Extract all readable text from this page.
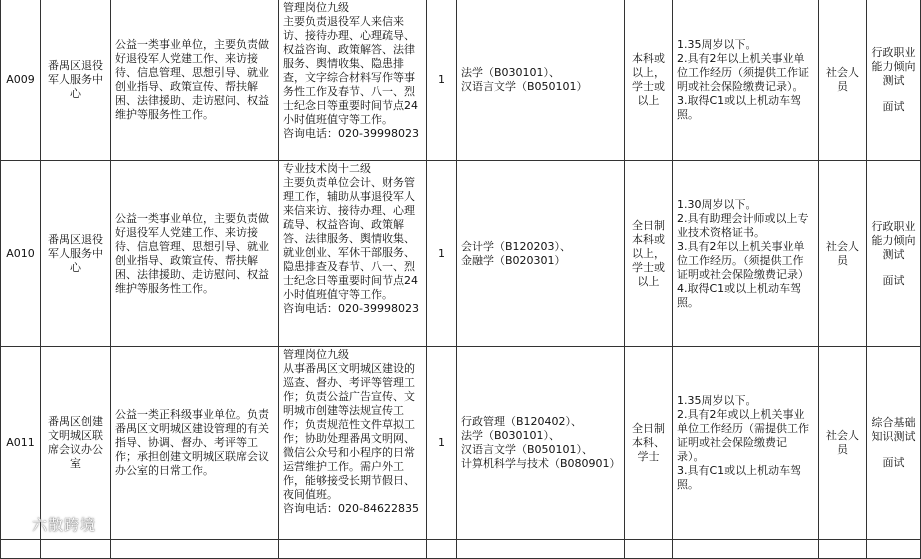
A009	番禺区退役军人服务中心	公益一类事业单位，主要负责做好退役军人党建工作、来访接待、信息管理、思想引导、就业创业指导、政策宣传、帮扶解困、法律援助、走访慰问、权益维护等服务性工作。	管理岗位九级
主要负责退役军人来信来访、接待办理、心理疏导、权益咨询、政策解答、法律服务、舆情收集、隐患排查，文字综合材料写作等事务性工作及春节、八一、烈士纪念日等重要时间节点24小时值班值守等工作。
咨询电话：020-39998023	1	法学（B030101）、
汉语言文学（B050101）	本科或以上，学士或以上	1.35周岁以下。
2.具有2年以上机关事业单位工作经历（须提供工作证明或社会保险缴费记录）。
3.取得C1或以上机动车驾照。	社会人员	行政职业能力倾向测试
面试

A010	番禺区退役军人服务中心	公益一类事业单位，主要负责做好退役军人党建工作、来访接待、信息管理、思想引导、就业创业指导、政策宣传、帮扶解困、法律援助、走访慰问、权益维护等服务性工作。	专业技术岗十二级
主要负责单位会计、财务管理工作，辅助从事退役军人来信来访、接待办理、心理疏导、权益咨询、政策解答、法律服务、舆情收集、就业创业、军休干部服务、隐患排查及春节、八一、烈士纪念日等重要时间节点24小时值班值守等工作。
咨询电话：020-39998023	1	会计学（B120203）、
金融学（B020301）	全日制本科或以上，学士或以上	1.30周岁以下。
2.具有助理会计师或以上专业技术资格证书。
3.具有2年以上机关事业单位工作经历。（须提供工作证明或社会保险缴费记录）
4.取得C1或以上机动车驾照。	社会人员	行政职业能力倾向测试
面试

A011	番禺区创建文明城区联席会议办公室	公益一类正科级事业单位。负责番禺区文明城区建设管理的有关指导、协调、督办、考评等工作；承担创建文明城区联席会议办公室的日常工作。	管理岗位九级
从事番禺区文明城区建设的巡查、督办、考评等管理工作；负责公益广告宣传、文明城市创建等法规宣传工作；负责规范性文件草拟工作；协助处理番禺文明网、微信公众号和小程序的日常运营维护工作。需户外工作，能够接受长期节假日、夜间值班。
咨询电话：020-84622835	1	行政管理（B120402）、
法学（B030101）、
汉语言文学（B050101）、
计算机科学与技术（B080901）	全日制本科、学士	1.35周岁以下。
2.具有2年或以上机关事业单位工作经历（需提供工作证明或社会保险缴费记录）。
3.具有C1或以上机动车驾照。	社会人员	综合基础知识测试
面试

六散跨境
